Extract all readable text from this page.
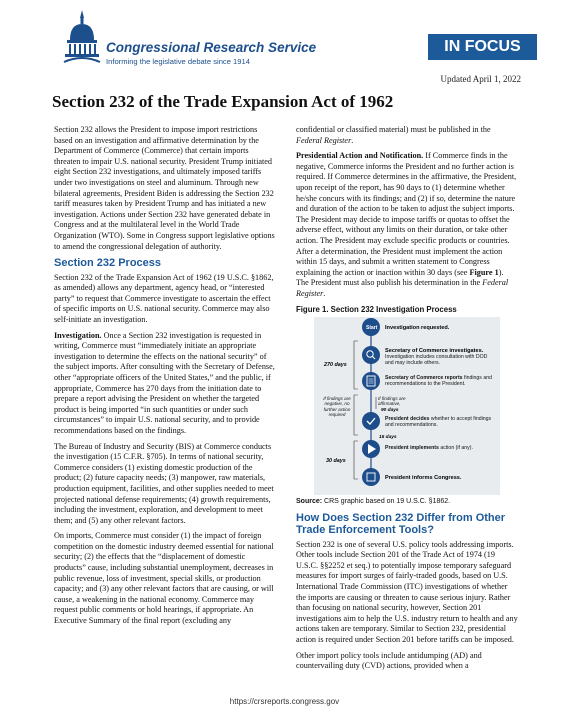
Congressional Research Service
Informing the legislative debate since 1914
IN FOCUS
Updated April 1, 2022
Section 232 of the Trade Expansion Act of 1962

Section 232 allows the President to impose import restrictions based on an investigation and affirmative determination by the Department of Commerce (Commerce) that certain imports threaten to impair U.S. national security. President Trump initiated eight Section 232 investigations, and ultimately imposed tariffs under two investigations on steel and aluminum. Through new bilateral agreements, President Biden is addressing the Section 232 tariff measures taken by President Trump and has initiated a new investigation. Actions under Section 232 have generated debate in Congress and at the multilateral level in the World Trade Organization (WTO). Some in Congress support legislative options to amend the congressional delegation of authority.

Section 232 Process

Section 232 of the Trade Expansion Act of 1962 (19 U.S.C. §1862, as amended) allows any department, agency head, or “interested party” to request that Commerce investigate to ascertain the effect of specific imports on U.S. national security. Commerce may also self-initiate an investigation.

Investigation. Once a Section 232 investigation is requested in writing, Commerce must “immediately initiate an appropriate investigation to determine the effects on the national security” of the subject imports. After consulting with the Secretary of Defense, other “appropriate officers of the United States,” and the public, if appropriate, Commerce has 270 days from the initiation date to prepare a report advising the President on whether the targeted product is being imported “in such quantities or under such circumstances” to impair U.S. national security, and to provide recommendations based on the findings.

The Bureau of Industry and Security (BIS) at Commerce conducts the investigation (15 C.F.R. §705). In terms of national security, Commerce considers (1) existing domestic production of the product; (2) future capacity needs; (3) manpower, raw materials, production equipment, facilities, and other supplies needed to meet projected national defense requirements; (4) growth requirements, including the investment, exploration, and development to meet them; and (5) any other relevant factors.

On imports, Commerce must consider (1) the impact of foreign competition on the domestic industry deemed essential for national security; (2) the effects that the “displacement of domestic products” cause, including substantial unemployment, decreases in public revenue, loss of investment, special skills, or production capacity; and (3) any other relevant factors that are causing, or will cause, a weakening in the national economy. Commerce may request public comments or hold hearings, if appropriate. An Executive Summary of the final report (excluding any

confidential or classified material) must be published in the Federal Register.

Presidential Action and Notification. If Commerce finds in the negative, Commerce informs the President and no further action is required. If Commerce determines in the affirmative, the President, upon receipt of the report, has 90 days to (1) determine whether he/she concurs with its findings; and (2) if so, determine the nature and duration of the action to be taken to adjust the subject imports. The President may decide to impose tariffs or quotas to offset the adverse effect, without any limits on their duration, or take other action. The President may exclude specific products or countries. After a determination, the President must implement the action within 15 days, and submit a written statement to Congress explaining the action or inaction within 30 days (see Figure 1). The President must also publish his determination in the Federal Register.

Figure 1. Section 232 Investigation Process
Start Investigation requested.
Secretary of Commerce investigates.
Investigation includes consultation with DOD and may include others.
Secretary of Commerce reports findings and recommendations to the President.
270 days
If findings are negative, no further action required
If findings are affirmative,
90 days
President decides whether to accept findings and recommendations.
15 days
30 days
President implements action (if any).
President informs Congress.
Source: CRS graphic based on 19 U.S.C. §1862.
How Does Section 232 Differ from Other Trade Enforcement Tools?

Section 232 is one of several U.S. policy tools addressing imports. Other tools include Section 201 of the Trade Act of 1974 (19 U.S.C. §§2252 et seq.) to potentially impose temporary safeguard measures for import surges of fairly-traded goods, based on U.S. International Trade Commission (ITC) investigations of whether the imports are causing or threaten to cause serious injury. Rather than focusing on national security, however, Section 201 investigations aim to help the U.S. industry return to health and any actions taken are temporary. Similar to Section 232, presidential action is required under Section 201 before tariffs can be imposed.

Other import policy tools include antidumping (AD) and countervailing duty (CVD) actions, provided when a

https://crsreports.congress.gov
